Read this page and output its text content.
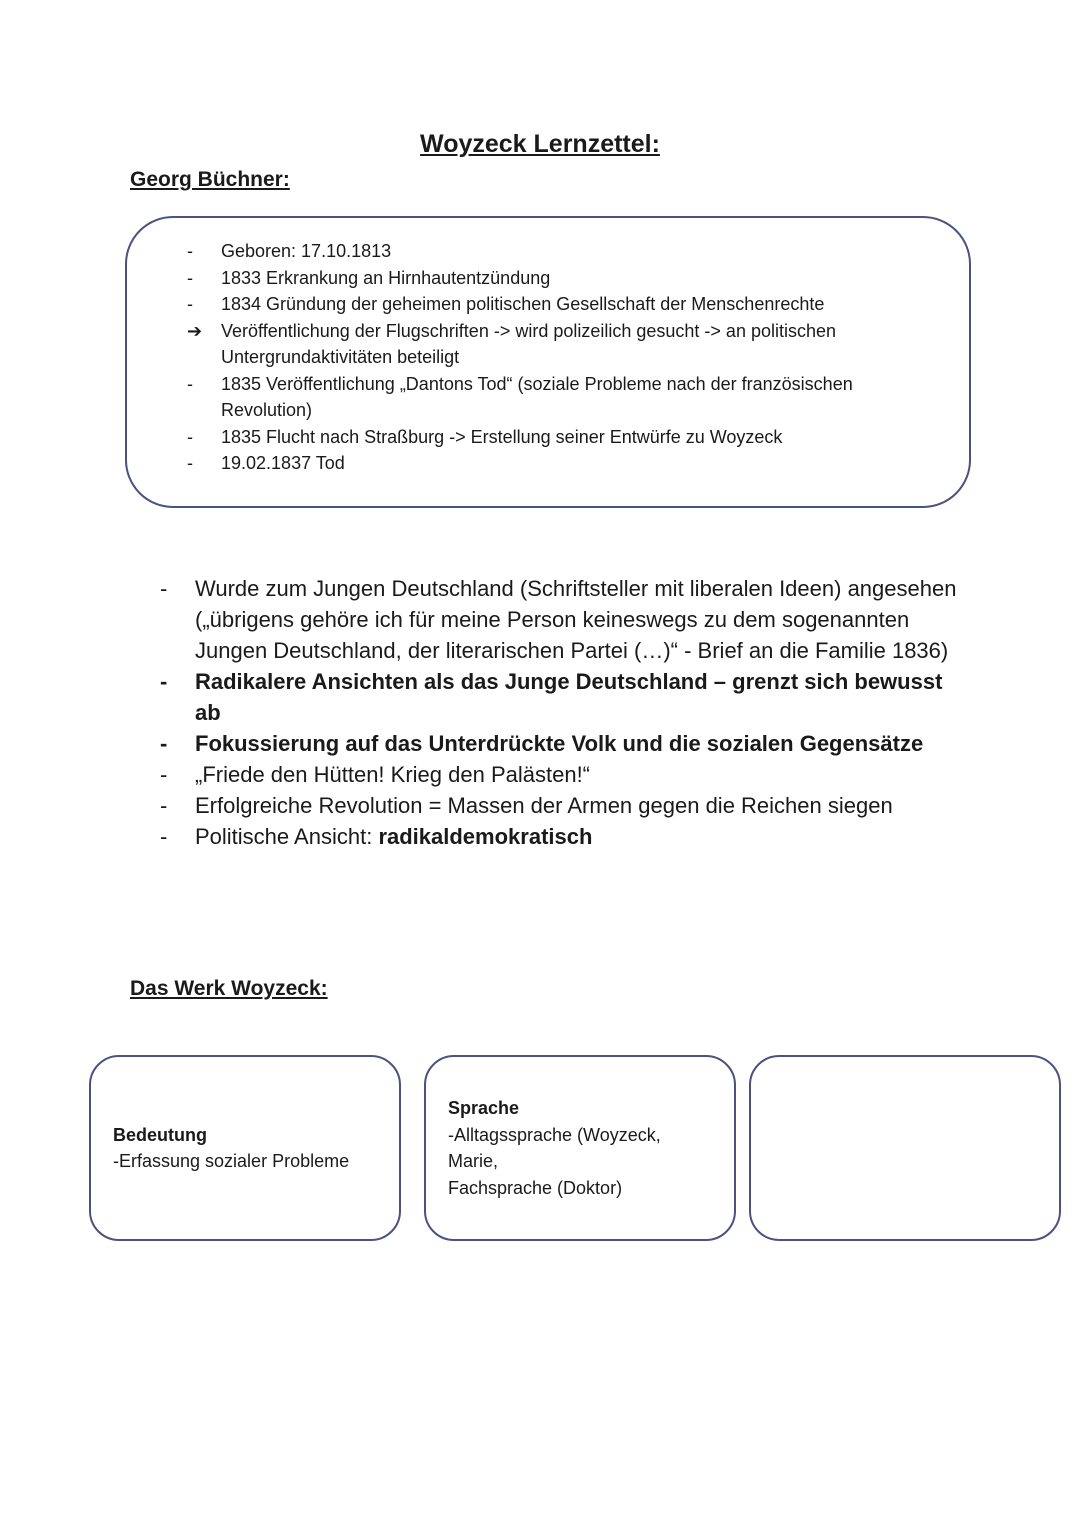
Woyzeck Lernzettel:
Georg Büchner:
-	Geboren: 17.10.1813
-	1833 Erkrankung an Hirnhautentzündung
-	1834 Gründung der geheimen politischen Gesellschaft der Menschenrechte
➔ Veröffentlichung der Flugschriften -> wird polizeilich gesucht -> an politischen Untergrundaktivitäten beteiligt
-	1835 Veröffentlichung „Dantons Tod“ (soziale Probleme nach der französischen Revolution)
-	1835 Flucht nach Straßburg -> Erstellung seiner Entwürfe zu Woyzeck
-	19.02.1837 Tod
-	Wurde zum Jungen Deutschland (Schriftsteller mit liberalen Ideen) angesehen („übrigens gehöre ich für meine Person keineswegs zu dem sogenannten Jungen Deutschland, der literarischen Partei (…)“ - Brief an die Familie 1836)
-	Radikalere Ansichten als das Junge Deutschland – grenzt sich bewusst ab
-	Fokussierung auf das Unterdrückte Volk und die sozialen Gegensätze
-	„Friede den Hütten! Krieg den Palästen!“
-	Erfolgreiche Revolution = Massen der Armen gegen die Reichen siegen
-	Politische Ansicht: radikaldemokratisch
Das Werk Woyzeck:
Bedeutung
-Erfassung sozialer Probleme
Sprache
-Alltagssprache (Woyzeck,
Marie,
Fachsprache (Doktor)
